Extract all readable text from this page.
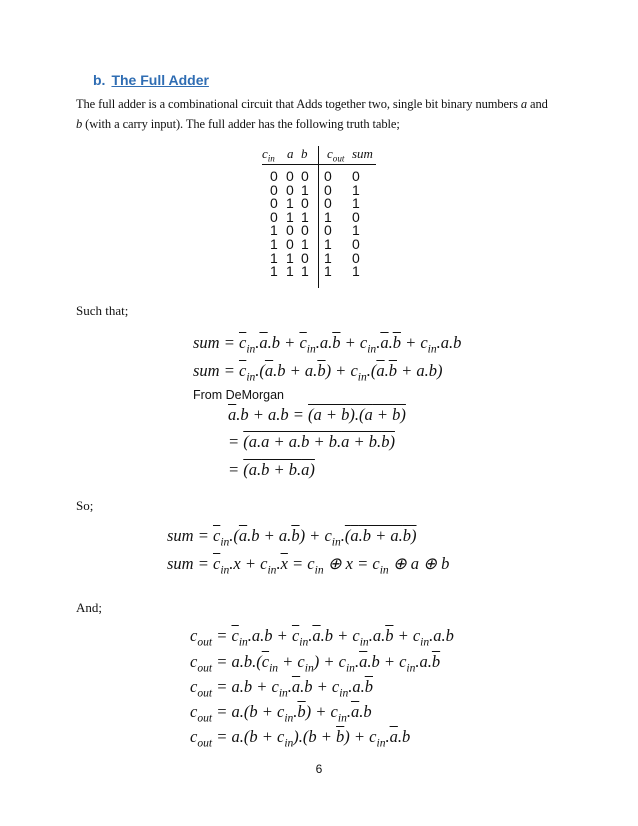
b. The Full Adder
The full adder is a combinational circuit that Adds together two, single bit binary numbers a and
b (with a carry input). The full adder has the following truth table;
$c_{in}$ a b $c_{out}$ sum
0 0 0 0 0
0 0 1 0 1
0 1 0 0 1
0 1 1 1 0
1 0 0 0 1
1 0 1 1 0
1 1 0 1 0
1 1 1 1 1
Such that;
sum = $\overline{c}_{in}.\overline{a}.b + \overline{c}_{in}.a.\overline{b} + c_{in}.\overline{a}.\overline{b} + c_{in}.a.b$
sum = $\overline{c}_{in}.(\overline{a}.b + a.\overline{b}) + c_{in}.(\overline{a}.\overline{b} + a.b)$
From DeMorgan
$\overline{a}.b + a.b = (a + b).(a + b)$
= (a.a + a.b + b.a + b.b)
= (a.b + b.a)
So;
sum = $\overline{c}_{in}.(\overline{a}.b + a.\overline{b}) + c_{in}.(a.b + a.b)$
sum = $\overline{c}_{in}.x + c_{in}.\overline{x} = c_{in}$ ⊕ $x = c_{in}$ ⊕ a ⊕ b
And;
$c_{out} = \overline{c}_{in}.a.b + \overline{c}_{in}.\overline{a}.b + c_{in}.a.\overline{b} + c_{in}.a.b$
$c_{out} = a.b.(\overline{c}_{in} + c_{in}) + c_{in}.\overline{a}.b + c_{in}.a.\overline{b}$
$c_{out} = a.b + c_{in}.\overline{a}.b + c_{in}.a.\overline{b}$
$c_{out} = a.(b + c_{in}.\overline{b}) + c_{in}.\overline{a}.b$
$c_{out} = a.(b + c_{in}).(b + \overline{b}) + c_{in}.\overline{a}.b$
6
